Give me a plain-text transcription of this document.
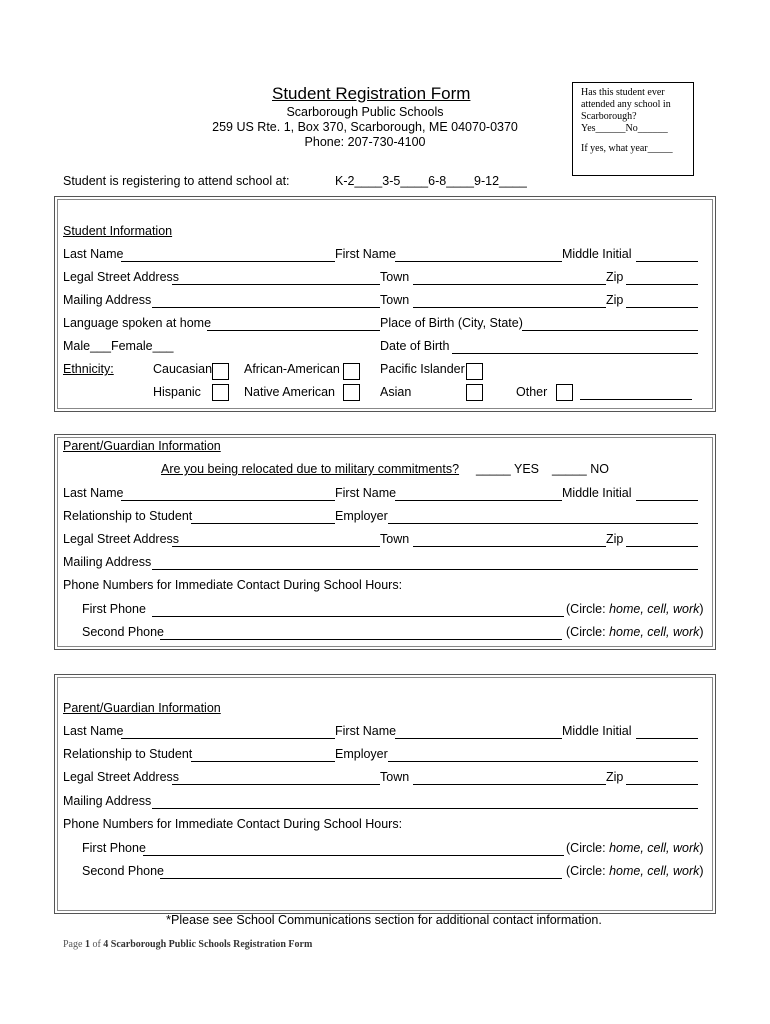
Student Registration Form
Scarborough Public Schools
259 US Rte. 1, Box 370, Scarborough, ME 04070-0370
Phone: 207-730-4100
Has this student ever
attended any school in
Scarborough?
Yes______No______
If yes, what year_____
Student is registering to attend school at:	K-2____3-5____6-8____9-12____
Student Information
Last Name	First Name	Middle Initial
Legal Street Address	Town	Zip
Mailing Address	Town	Zip
Language spoken at home	Place of Birth (City, State)
Male___Female___	Date of Birth
Ethnicity:	Caucasian	African-American	Pacific Islander
Hispanic	Native American	Asian	Other
Parent/Guardian Information
Are you being relocated due to military commitments? _____ YES _____ NO
Last Name	First Name	Middle Initial
Relationship to Student	Employer
Legal Street Address	Town	Zip
Mailing Address
Phone Numbers for Immediate Contact During School Hours:
First Phone	(Circle: home, cell, work)
Second Phone	(Circle: home, cell, work)
Parent/Guardian Information
Last Name	First Name	Middle Initial
Relationship to Student	Employer
Legal Street Address	Town	Zip
Mailing Address
Phone Numbers for Immediate Contact During School Hours:
First Phone	(Circle: home, cell, work)
Second Phone	(Circle: home, cell, work)
*Please see School Communications section for additional contact information.
Page 1 of 4 Scarborough Public Schools Registration Form
